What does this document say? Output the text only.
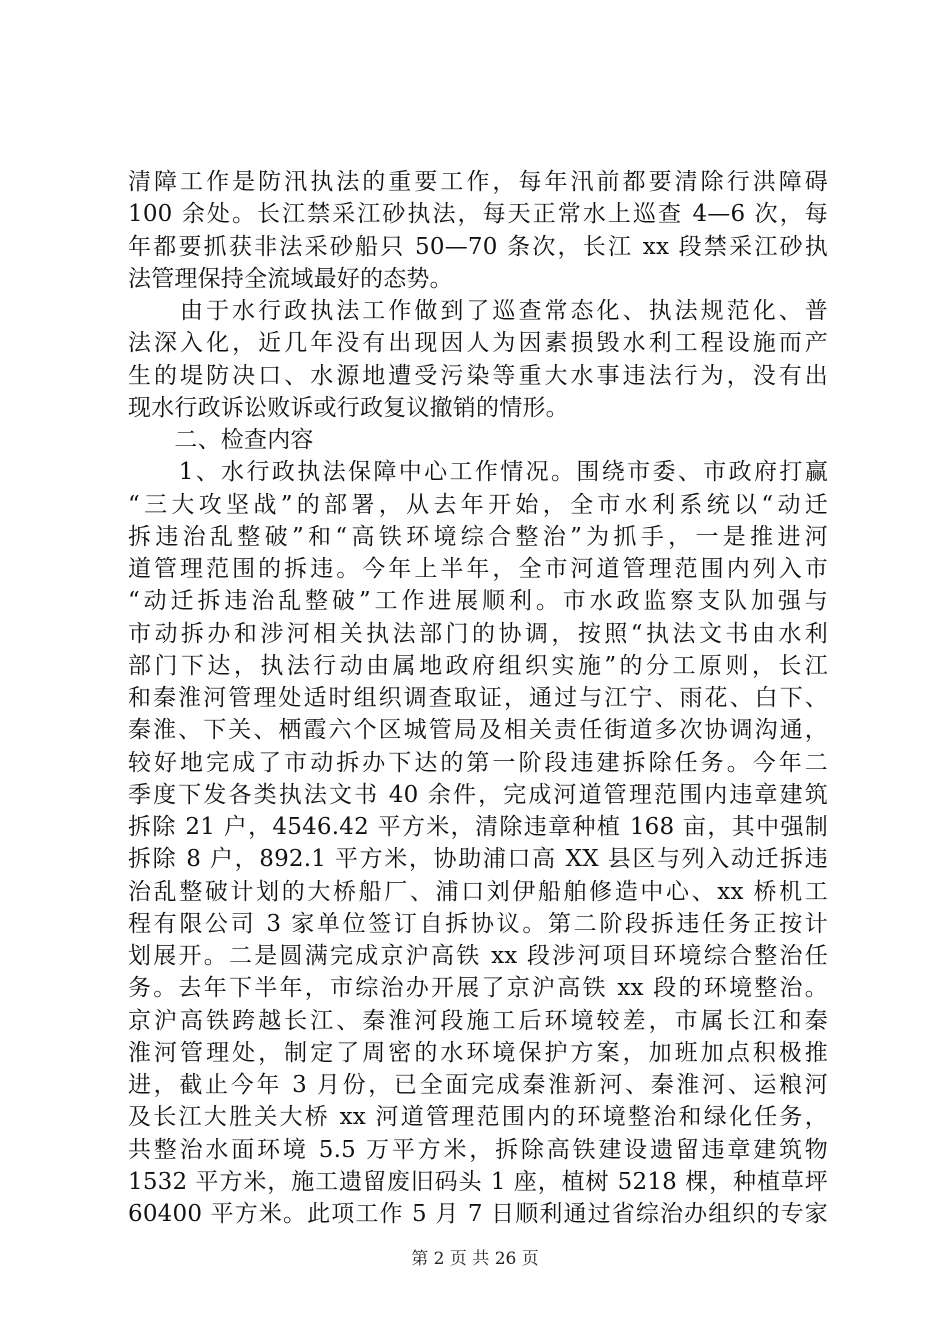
清障工作是防汛执法的重要工作，每年汛前都要清除行洪障碍
100 余处。长江禁采江砂执法，每天正常水上巡查 4—6 次，每
年都要抓获非法采砂船只 50—70 条次，长江 xx 段禁采江砂执
法管理保持全流域最好的态势。
　　由于水行政执法工作做到了巡查常态化、执法规范化、普
法深入化，近几年没有出现因人为因素损毁水利工程设施而产
生的堤防决口、水源地遭受污染等重大水事违法行为，没有出
现水行政诉讼败诉或行政复议撤销的情形。
　　二、检查内容
　　1、水行政执法保障中心工作情况。围绕市委、市政府打赢
“三大攻坚战”的部署，从去年开始，全市水利系统以“动迁
拆违治乱整破”和“高铁环境综合整治”为抓手，一是推进河
道管理范围的拆违。今年上半年，全市河道管理范围内列入市
“动迁拆违治乱整破”工作进展顺利。市水政监察支队加强与
市动拆办和涉河相关执法部门的协调，按照“执法文书由水利
部门下达，执法行动由属地政府组织实施”的分工原则，长江
和秦淮河管理处适时组织调查取证，通过与江宁、雨花、白下、
秦淮、下关、栖霞六个区城管局及相关责任街道多次协调沟通，
较好地完成了市动拆办下达的第一阶段违建拆除任务。今年二
季度下发各类执法文书 40 余件，完成河道管理范围内违章建筑
拆除 21 户，4546.42 平方米，清除违章种植 168 亩，其中强制
拆除 8 户，892.1 平方米，协助浦口高 XX 县区与列入动迁拆违
治乱整破计划的大桥船厂、浦口刘伊船舶修造中心、xx 桥机工
程有限公司 3 家单位签订自拆协议。第二阶段拆违任务正按计
划展开。二是圆满完成京沪高铁 xx 段涉河项目环境综合整治任
务。去年下半年，市综治办开展了京沪高铁 xx 段的环境整治。
京沪高铁跨越长江、秦淮河段施工后环境较差，市属长江和秦
淮河管理处，制定了周密的水环境保护方案，加班加点积极推
进，截止今年 3 月份，已全面完成秦淮新河、秦淮河、运粮河
及长江大胜关大桥 xx 河道管理范围内的环境整治和绿化任务，
共整治水面环境 5.5 万平方米，拆除高铁建设遗留违章建筑物
1532 平方米，施工遗留废旧码头 1 座，植树 5218 棵，种植草坪
60400 平方米。此项工作 5 月 7 日顺利通过省综治办组织的专家
第 2 页 共 26 页
